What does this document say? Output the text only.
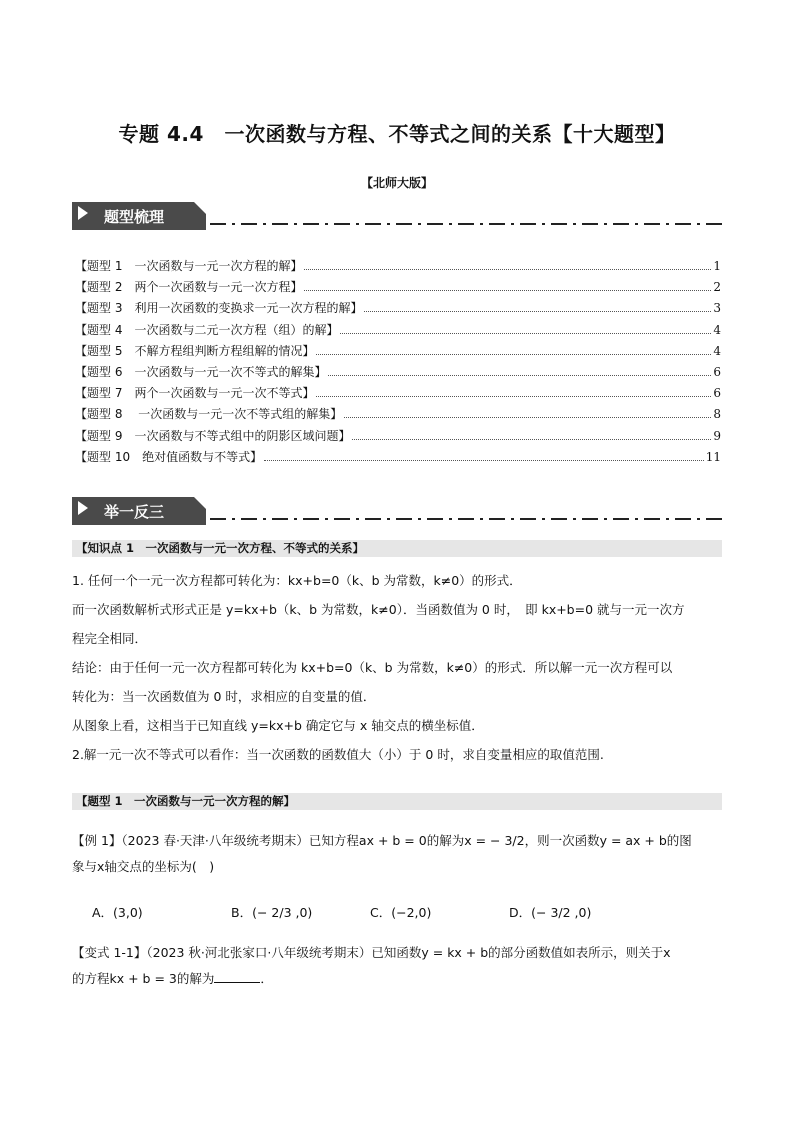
专题 4.4　一次函数与方程、不等式之间的关系【十大题型】
【北师大版】
题型梳理
【题型 1　一次函数与一元一次方程的解】	1
【题型 2　两个一次函数与一元一次方程】	2
【题型 3　利用一次函数的变换求一元一次方程的解】	3
【题型 4　一次函数与二元一次方程（组）的解】	4
【题型 5　不解方程组判断方程组解的情况】	4
【题型 6　一次函数与一元一次不等式的解集】	6
【题型 7　两个一次函数与一元一次不等式】	6
【题型 8　 一次函数与一元一次不等式组的解集】	8
【题型 9　一次函数与不等式组中的阴影区域问题】	9
【题型 10　绝对值函数与不等式】	11
举一反三
【知识点 1　一次函数与一元一次方程、不等式的关系】

1. 任何一个一元一次方程都可转化为：kx+b=0（k、b 为常数，k≠0）的形式．

而一次函数解析式形式正是 y=kx+b（k、b 为常数，k≠0）．当函数值为 0 时，　即 kx+b=0 就与一元一次方

程完全相同．

结论：由于任何一元一次方程都可转化为 kx+b=0（k、b 为常数，k≠0）的形式．所以解一元一次方程可以

转化为：当一次函数值为 0 时，求相应的自变量的值．

从图象上看，这相当于已知直线 y=kx+b 确定它与 x 轴交点的横坐标值．

2.解一元一次不等式可以看作：当一次函数的函数值大（小）于 0 时，求自变量相应的取值范围.

【题型 1　一次函数与一元一次方程的解】

【例 1】（2023 春·天津·八年级统考期末）已知方程ax + b = 0的解为x = − 3/2，则一次函数y = ax + b的图

象与x轴交点的坐标为(　)

A．(3,0)	B．(− 2/3 ,0)	C．(−2,0)	D．(− 3/2 ,0)

【变式 1-1】（2023 秋·河北张家口·八年级统考期末）已知函数y = kx + b的部分函数值如表所示，则关于x

的方程kx + b = 3的解为	．
